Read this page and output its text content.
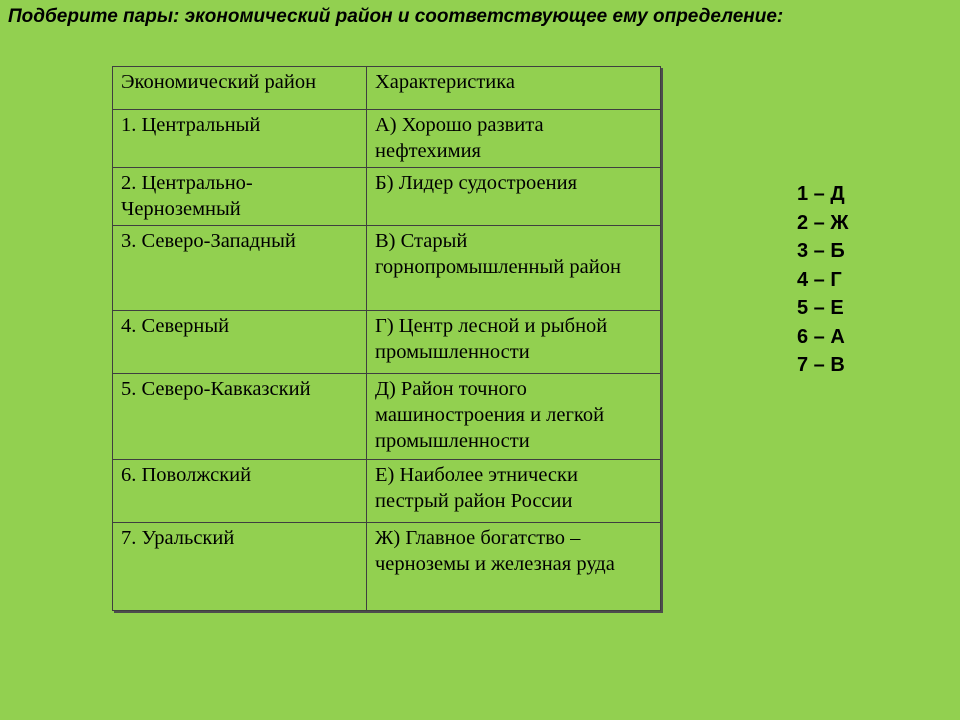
Подберите пары: экономический район и соответствующее ему определение:
Экономический район	Характеристика
1. Центральный	А) Хорошо развита нефтехимия
2. Центрально-Черноземный	Б) Лидер судостроения
3. Северо-Западный	В) Старый горнопромышленный район
4. Северный	Г) Центр лесной и рыбной промышленности
5. Северо-Кавказский	Д) Район точного машиностроения и легкой промышленности
6. Поволжский	Е) Наиболее этнически пестрый район России
7. Уральский	Ж) Главное богатство – черноземы и железная руда
1 – Д
2 – Ж
3 – Б
4 – Г
5 – Е
6 – А
7 – В
